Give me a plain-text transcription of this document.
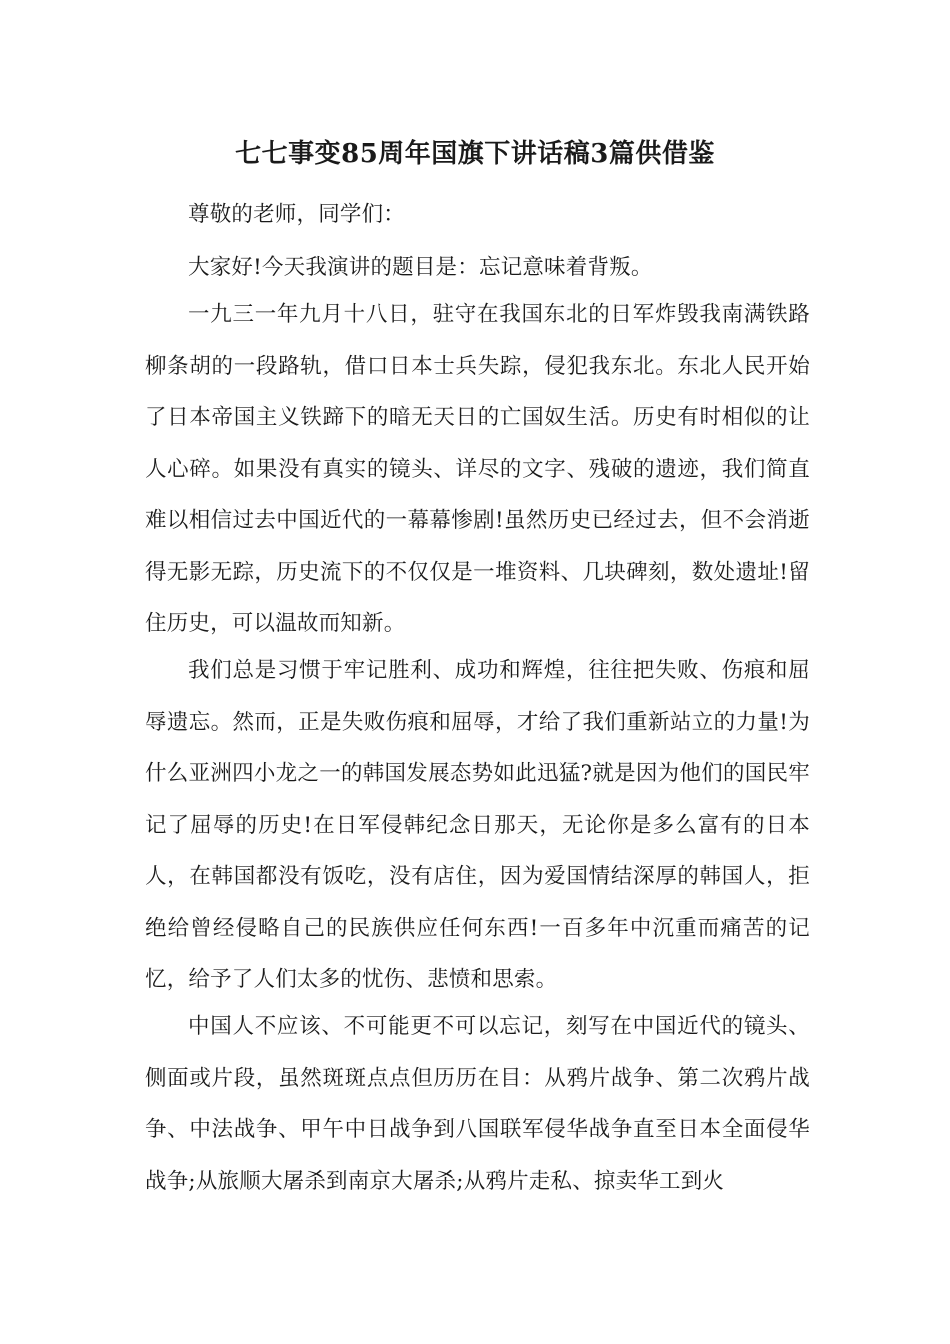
七七事变85周年国旗下讲话稿3篇供借鉴

尊敬的老师，同学们：

大家好!今天我演讲的题目是：忘记意味着背叛。

一九三一年九月十八日，驻守在我国东北的日军炸毁我南满铁路柳条胡的一段路轨，借口日本士兵失踪，侵犯我东北。东北人民开始了日本帝国主义铁蹄下的暗无天日的亡国奴生活。历史有时相似的让人心碎。如果没有真实的镜头、详尽的文字、残破的遗迹，我们简直难以相信过去中国近代的一幕幕惨剧!虽然历史已经过去，但不会消逝得无影无踪，历史流下的不仅仅是一堆资料、几块碑刻，数处遗址!留住历史，可以温故而知新。

我们总是习惯于牢记胜利、成功和辉煌，往往把失败、伤痕和屈辱遗忘。然而，正是失败伤痕和屈辱，才给了我们重新站立的力量!为什么亚洲四小龙之一的韩国发展态势如此迅猛?就是因为他们的国民牢记了屈辱的历史!在日军侵韩纪念日那天，无论你是多么富有的日本人，在韩国都没有饭吃，没有店住，因为爱国情结深厚的韩国人，拒绝给曾经侵略自己的民族供应任何东西!一百多年中沉重而痛苦的记忆，给予了人们太多的忧伤、悲愤和思索。

中国人不应该、不可能更不可以忘记，刻写在中国近代的镜头、侧面或片段，虽然斑斑点点但历历在目：从鸦片战争、第二次鸦片战争、中法战争、甲午中日战争到八国联军侵华战争直至日本全面侵华战争;从旅顺大屠杀到南京大屠杀;从鸦片走私、掠卖华工到火
